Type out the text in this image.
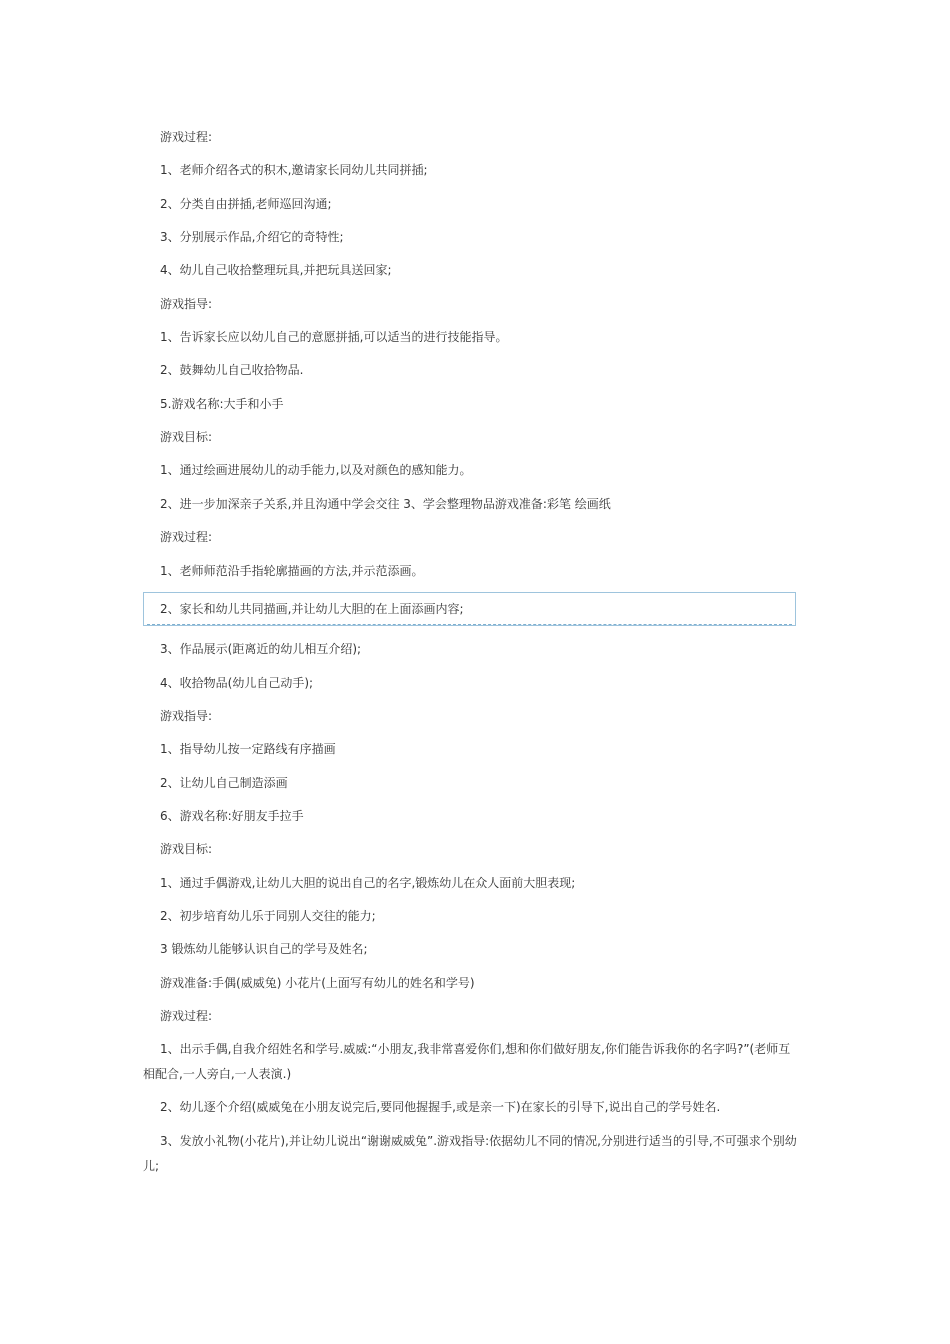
游戏过程:
1、老师介绍各式的积木,邀请家长同幼儿共同拼插;
2、分类自由拼插,老师巡回沟通;
3、分别展示作品,介绍它的奇特性;
4、幼儿自己收拾整理玩具,并把玩具送回家;
游戏指导:
1、告诉家长应以幼儿自己的意愿拼插,可以适当的进行技能指导。
2、鼓舞幼儿自己收拾物品.
5.游戏名称:大手和小手
游戏目标:
1、通过绘画进展幼儿的动手能力,以及对颜色的感知能力。
2、进一步加深亲子关系,并且沟通中学会交往 3、学会整理物品游戏准备:彩笔 绘画纸
游戏过程:
1、老师师范沿手指轮廓描画的方法,并示范添画。
2、家长和幼儿共同描画,并让幼儿大胆的在上面添画内容;
3、作品展示(距离近的幼儿相互介绍);
4、收拾物品(幼儿自己动手);
游戏指导:
1、指导幼儿按一定路线有序描画
2、让幼儿自己制造添画
6、游戏名称:好朋友手拉手
游戏目标:
1、通过手偶游戏,让幼儿大胆的说出自己的名字,锻炼幼儿在众人面前大胆表现;
2、初步培育幼儿乐于同别人交往的能力;
3 锻炼幼儿能够认识自己的学号及姓名;
游戏准备:手偶(威威兔) 小花片(上面写有幼儿的姓名和学号)
游戏过程:
1、出示手偶,自我介绍姓名和学号.威威:“小朋友,我非常喜爱你们,想和你们做好朋友,你们能告诉我你的名字吗?”(老师互相配合,一人旁白,一人表演.)
2、幼儿逐个介绍(威威兔在小朋友说完后,要同他握握手,或是亲一下)在家长的引导下,说出自己的学号姓名.
3、发放小礼物(小花片),并让幼儿说出“谢谢威威兔”.游戏指导:依据幼儿不同的情况,分别进行适当的引导,不可强求个别幼儿;
